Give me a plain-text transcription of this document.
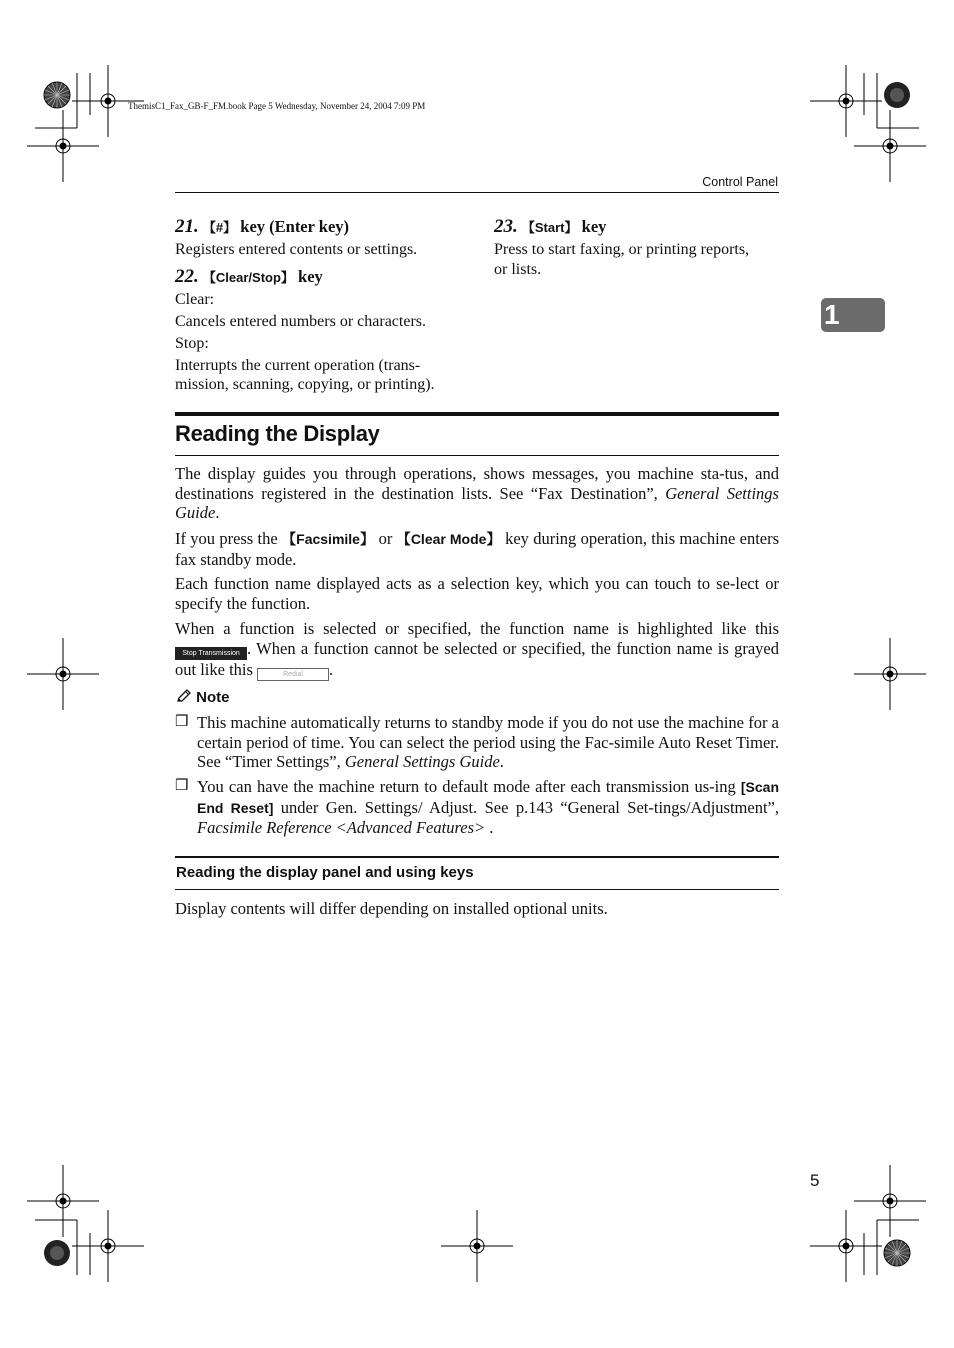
ThemisC1_Fax_GB-F_FM.book Page 5 Wednesday, November 24, 2004 7:09 PM
Control Panel
1
21. 【#】 key (Enter key)
Registers entered contents or settings.
22. 【Clear/Stop】 key
Clear:
Cancels entered numbers or characters.
Stop:
Interrupts the current operation (trans-
mission, scanning, copying, or printing).
23. 【Start】 key
Press to start faxing, or printing reports,
or lists.
Reading the Display
The display guides you through operations, shows messages, you machine sta-tus, and destinations registered in the destination lists. See “Fax Destination”, General Settings Guide.
If you press the 【Facsimile】 or 【Clear Mode】 key during operation, this machine enters fax standby mode.
Each function name displayed acts as a selection key, which you can touch to se-lect or specify the function.
When a function is selected or specified, the function name is highlighted like this Stop Transmission . When a function cannot be selected or specified, the function name is grayed out like this	Redial .
Note
❒ This machine automatically returns to standby mode if you do not use the machine for a certain period of time. You can select the period using the Fac-simile Auto Reset Timer. See “Timer Settings”, General Settings Guide.
❒ You can have the machine return to default mode after each transmission us-ing [Scan End Reset] under Gen. Settings/ Adjust. See p.143 “General Set-tings/Adjustment”, Facsimile Reference <Advanced Features> .
Reading the display panel and using keys
Display contents will differ depending on installed optional units.
5
